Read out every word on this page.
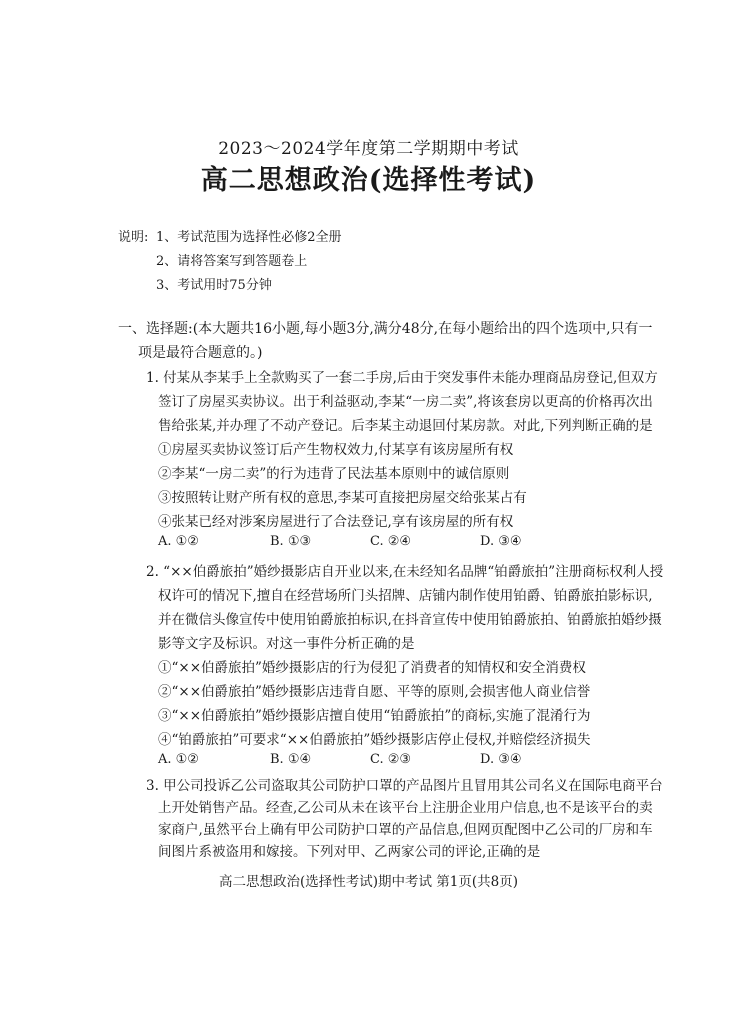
2023～2024学年度第二学期期中考试
高二思想政治(选择性考试)
说明: 1、考试范围为选择性必修2全册
2、请将答案写到答题卷上
3、考试用时75分钟
一、选择题:(本大题共16小题,每小题3分,满分48分,在每小题给出的四个选项中,只有一
项是最符合题意的。)
1. 付某从李某手上全款购买了一套二手房,后由于突发事件未能办理商品房登记,但双方
签订了房屋买卖协议。出于利益驱动,李某“一房二卖”,将该套房以更高的价格再次出
售给张某,并办理了不动产登记。后李某主动退回付某房款。对此,下列判断正确的是
①房屋买卖协议签订后产生物权效力,付某享有该房屋所有权
②李某“一房二卖”的行为违背了民法基本原则中的诚信原则
③按照转让财产所有权的意思,李某可直接把房屋交给张某占有
④张某已经对涉案房屋进行了合法登记,享有该房屋的所有权
A. ①②	B. ①③	C. ②④	D. ③④
2. “××伯爵旅拍”婚纱摄影店自开业以来,在未经知名品牌“铂爵旅拍”注册商标权利人授
权许可的情况下,擅自在经营场所门头招牌、店铺内制作使用铂爵、铂爵旅拍影标识,
并在微信头像宣传中使用铂爵旅拍标识,在抖音宣传中使用铂爵旅拍、铂爵旅拍婚纱摄
影等文字及标识。对这一事件分析正确的是
①“××伯爵旅拍”婚纱摄影店的行为侵犯了消费者的知情权和安全消费权
②“××伯爵旅拍”婚纱摄影店违背自愿、平等的原则,会损害他人商业信誉
③“××伯爵旅拍”婚纱摄影店擅自使用“铂爵旅拍”的商标,实施了混淆行为
④“铂爵旅拍”可要求“××伯爵旅拍”婚纱摄影店停止侵权,并赔偿经济损失
A. ①②	B. ①④	C. ②③	D. ③④
3. 甲公司投诉乙公司盗取其公司防护口罩的产品图片且冒用其公司名义在国际电商平台
上开处销售产品。经查,乙公司从未在该平台上注册企业用户信息,也不是该平台的卖
家商户,虽然平台上确有甲公司防护口罩的产品信息,但网页配图中乙公司的厂房和车
间图片系被盗用和嫁接。下列对甲、乙两家公司的评论,正确的是
高二思想政治(选择性考试)期中考试 第1页(共8页)
